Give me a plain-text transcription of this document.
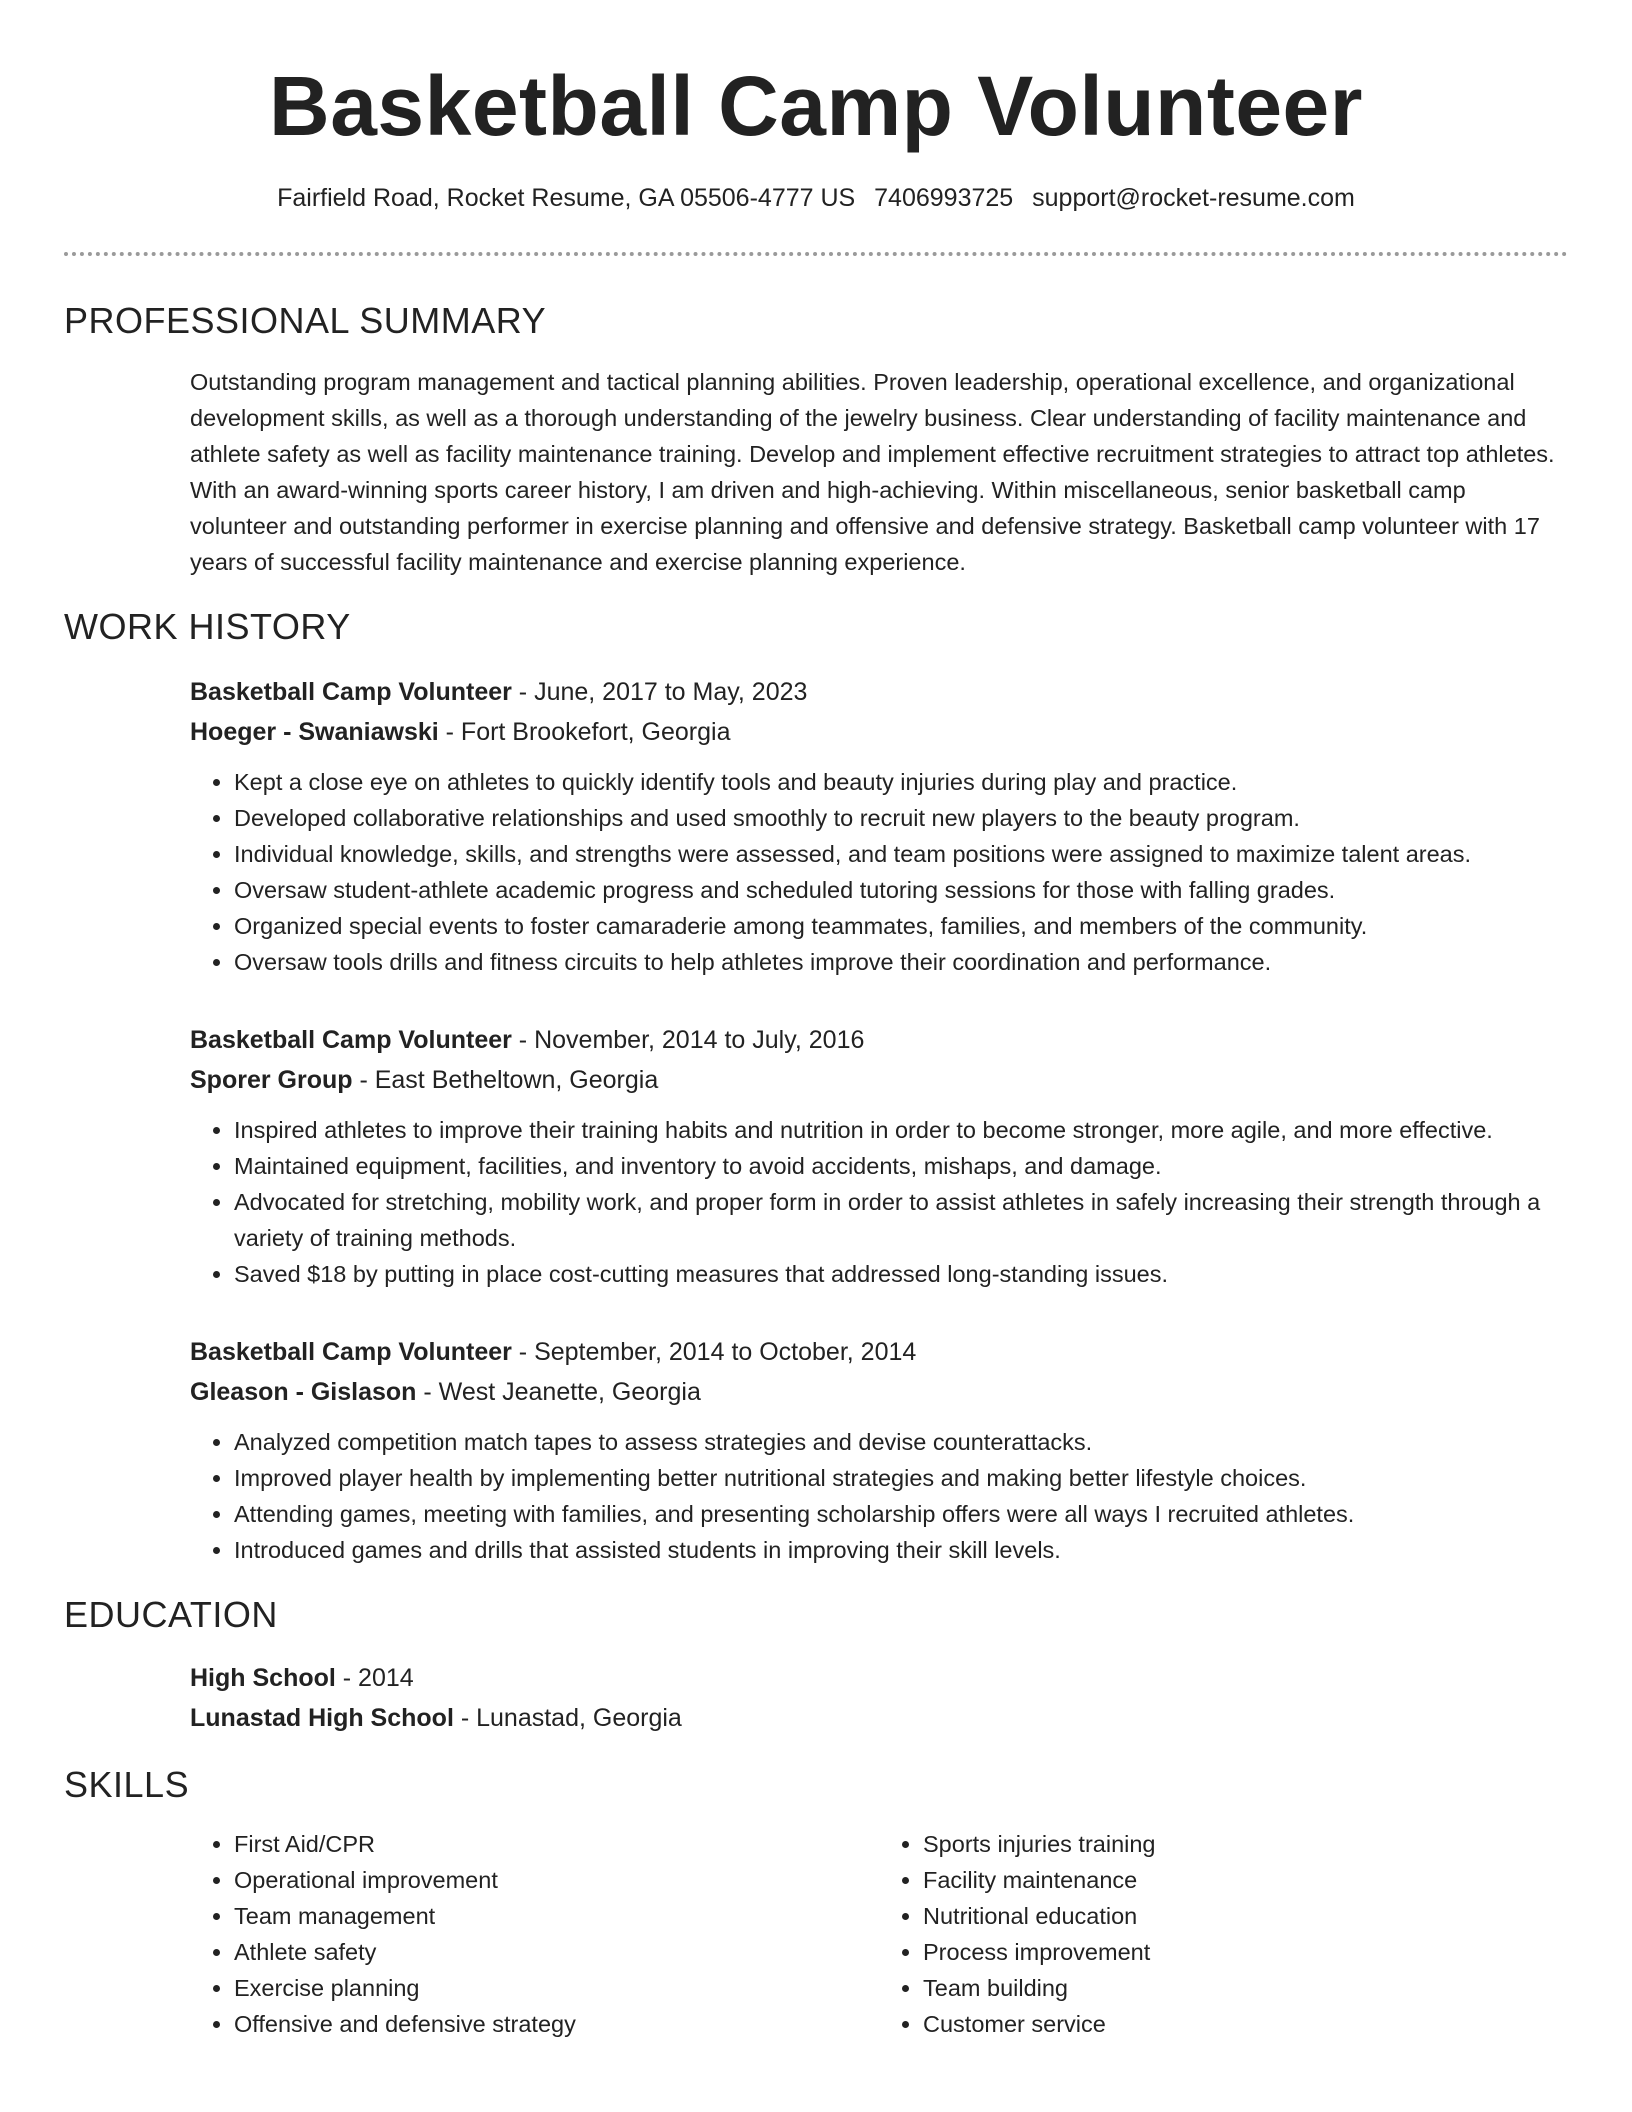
Basketball Camp Volunteer
Fairfield Road, Rocket Resume, GA 05506-4777 US 7406993725 support@rocket-resume.com
PROFESSIONAL SUMMARY
Outstanding program management and tactical planning abilities. Proven leadership, operational excellence, and organizational development skills, as well as a thorough understanding of the jewelry business. Clear understanding of facility maintenance and athlete safety as well as facility maintenance training. Develop and implement effective recruitment strategies to attract top athletes. With an award-winning sports career history, I am driven and high-achieving. Within miscellaneous, senior basketball camp volunteer and outstanding performer in exercise planning and offensive and defensive strategy. Basketball camp volunteer with 17 years of successful facility maintenance and exercise planning experience.
WORK HISTORY
Basketball Camp Volunteer - June, 2017 to May, 2023
Hoeger - Swaniawski - Fort Brookefort, Georgia
• Kept a close eye on athletes to quickly identify tools and beauty injuries during play and practice.
• Developed collaborative relationships and used smoothly to recruit new players to the beauty program.
• Individual knowledge, skills, and strengths were assessed, and team positions were assigned to maximize talent areas.
• Oversaw student-athlete academic progress and scheduled tutoring sessions for those with falling grades.
• Organized special events to foster camaraderie among teammates, families, and members of the community.
• Oversaw tools drills and fitness circuits to help athletes improve their coordination and performance.
Basketball Camp Volunteer - November, 2014 to July, 2016
Sporer Group - East Betheltown, Georgia
• Inspired athletes to improve their training habits and nutrition in order to become stronger, more agile, and more effective.
• Maintained equipment, facilities, and inventory to avoid accidents, mishaps, and damage.
• Advocated for stretching, mobility work, and proper form in order to assist athletes in safely increasing their strength through a variety of training methods.
• Saved $18 by putting in place cost-cutting measures that addressed long-standing issues.
Basketball Camp Volunteer - September, 2014 to October, 2014
Gleason - Gislason - West Jeanette, Georgia
• Analyzed competition match tapes to assess strategies and devise counterattacks.
• Improved player health by implementing better nutritional strategies and making better lifestyle choices.
• Attending games, meeting with families, and presenting scholarship offers were all ways I recruited athletes.
• Introduced games and drills that assisted students in improving their skill levels.
EDUCATION
High School - 2014
Lunastad High School - Lunastad, Georgia
SKILLS
• First Aid/CPR
• Operational improvement
• Team management
• Athlete safety
• Exercise planning
• Offensive and defensive strategy
• Sports injuries training
• Facility maintenance
• Nutritional education
• Process improvement
• Team building
• Customer service
